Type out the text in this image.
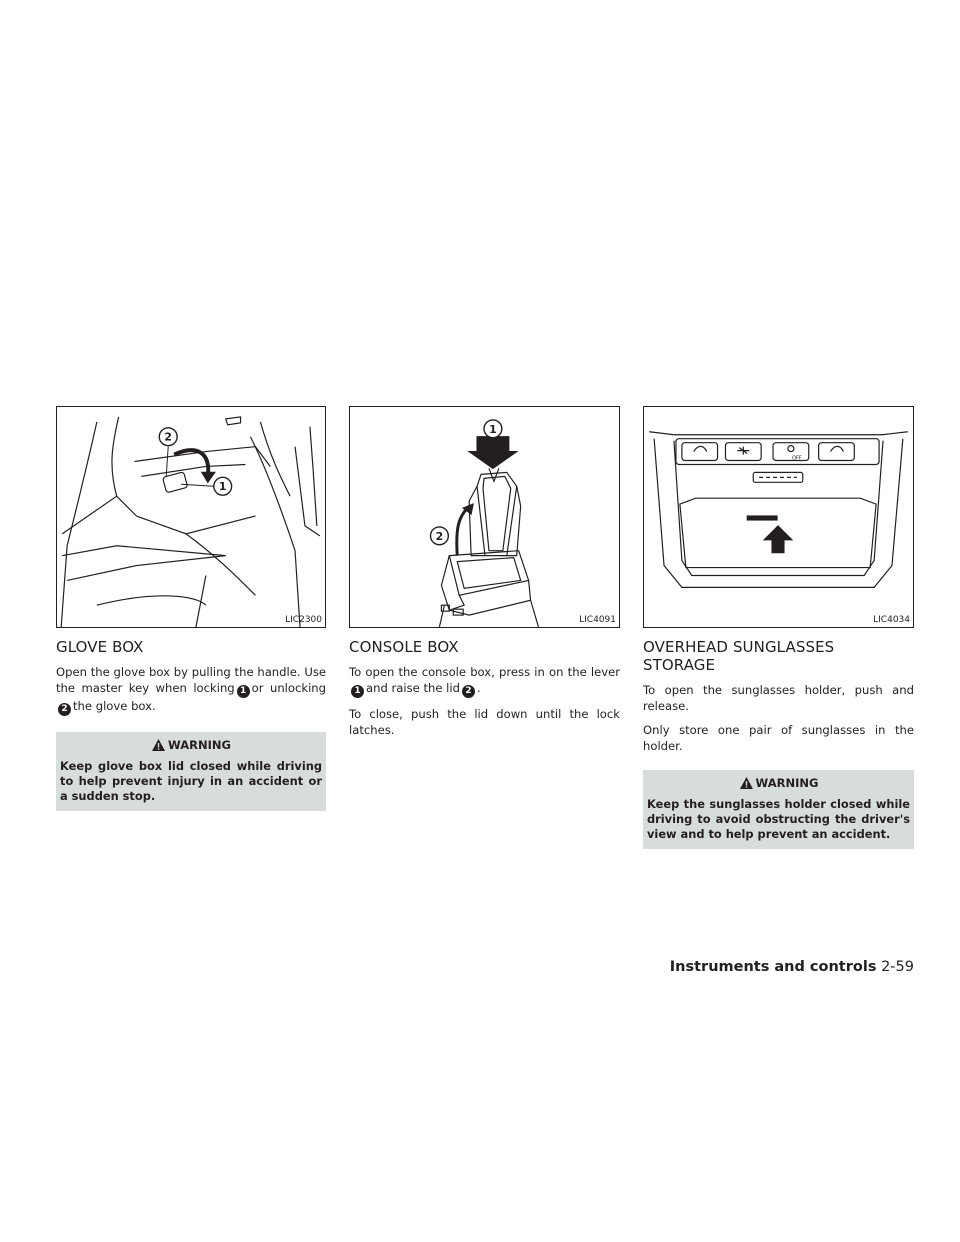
2
1
LIC2300
GLOVE BOX

Open the glove box by pulling the handle. Use the master key when locking 1 or unlocking2 the glove box.

WARNING
Keep glove box lid closed while driving to help prevent injury in an accident or a sudden stop.
1
2
LIC4091
CONSOLE BOX

To open the console box, press in on the lever1 and raise the lid 2 .

To close, push the lid down until the lock latches.

OFF
LIC4034
OVERHEAD SUNGLASSES
STORAGE

To open the sunglasses holder, push and release.

Only store one pair of sunglasses in the holder.

WARNING
Keep the sunglasses holder closed while driving to avoid obstructing the driver's view and to help prevent an accident.
Instruments and controls 2-59
